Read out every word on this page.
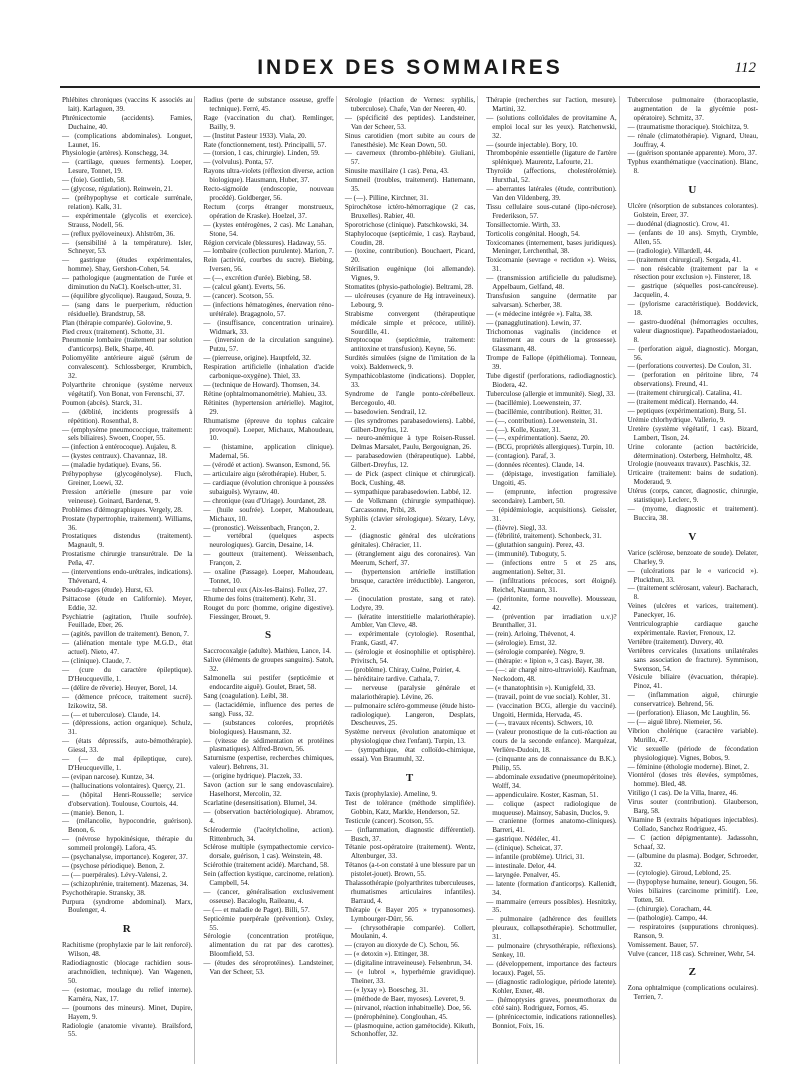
INDEX DES SOMMAIRES	112

Phlébites chroniques (vaccins K associés au lait). Karlaguen, 39.

Phrénicectomie (accidents). Famies, Duchaine, 40.

— (complications abdominales). Longuet, Launet, 16.

Physiologie (artères). Konschegg, 34.

— (cartilage, queues ferments). Loeper, Lesure, Tonnet, 19.

— (foie). Gottlieb, 58.

— (glycose, régulation). Reinwein, 21.

— (préhypophyse et corticale surrénale, relation). Kalk, 31.

— expérimentale (glycolis et exercice). Strauss, Nodell, 56.

— (reflux pyéloveineux). Ahlström, 36.

— (sensibilité à la température). Isler, Schneyer, 53.

— gastrique (études expérimentales, homme). Shay, Gershon-Cohen, 54.

— pathologique (augmentation de l'urée et diminution du NaCl). Koelsch-utter, 31.

— (équilibre glycolique). Raugaud, Souza, 9.

— (sang dans le puerperium, réduction résiduelle). Brandstrup, 58.

Plan (thérapie comparée). Golovine, 9.

Pied creux (traitement). Schotte, 31.

Pneumonie lombaire (traitement par solution d'anticorps). Belk, Sharpe, 40.

Poliomyélite antérieure aiguë (sérum de convalescent). Schlossberger, Krumbich, 32.

Polyarthrite chronique (système nerveux végétatif). Von Bonat, von Ferenschi, 37.

Poumon (abcès). Starck, 31.

— (déblité, incidents progressifs à répétition). Rosenthal, 8.

— (emphysème pneumococcique, traitement: sels biliaires). Swoen, Cooper, 55.

— (infection à entérocoque). Aujaleu, 8.

— (kystes centraux). Chavannaz, 18.

— (maladie hydatique). Evans, 56.

Préhypophyse (glycogénolyse). Fluch, Greiner, Loewi, 32.

Pression artérielle (mesure par voie veineuse). Goinard, Bardenat, 9.

Problèmes d'démographiques. Vergely, 28.

Prostate (hypertrophie, traitement). Williams, 36.

Prostatiques distendus (traitement). Magnault, 9.

Prostatisme chirurgie transurétrale. De la Peña, 47.

— (interventions endo-urétrales, indications). Thévenard, 4.

Pseudo-rages (étude). Hurst, 63.

Psittacose (étude en Californie). Meyer, Eddie, 32.

Psychiatrie (agitation, l'huile soufrée). Feuillade, Eber, 26.

— (agités, pavillon de traitement). Benon, 7.

— (aliénation mentale type M.G.D., état actuel). Nieto, 47.

— (clinique). Claude, 7.

— (cure du caractère épileptique). D'Heucqueville, 1.

— (délire de rêverie). Heuyer, Borel, 14.

— (démence précoce, traitement sucré). Izikowitz, 58.

— (— et tuberculose). Claude, 14.

— (dépressions, action organique). Schulz, 31.

— (états dépressifs, auto-bémothérapie). Giessl, 33.

— (— de mal épileptique, cure). D'Heucqueville, 1.

— (evipan narcose). Kuntze, 34.

— (hallucinations volontaires). Querçy, 21.

— (hôpital Henri-Rousselle; service d'observation). Toulouse, Courtois, 44.

— (manie). Benon, 1.

— (mélancolie, hypocondrie, guérison). Benon, 6.

— (névrose hypokinésique, thérapie du sommeil prolongé). Lafora, 45.

— (psychanalyse, importance). Kogerer, 37.

— (psychose périodique). Benon, 2.

— (— puerpérales). Lévy-Valensi, 2.

— (schizophrénie, traitement). Mazenas, 34.

Psychothérapie. Stransky, 38.

Purpura (syndrome abdominal). Marx, Boulenger, 4.

R

Rachitisme (prophylaxie par le lait renforcé). Wilson, 48.

Radiodiagnostic (blocage rachidien sous-arachnoïdien, technique). Van Wagenen, 50.

— (estomac, moulage du relief interne). Karnéra, Nax, 17.

— (poumons des mineurs). Minet, Dupire, Hayem, 9.

Radiologie (anatomie vivante). Brailsford, 55.

Radius (perte de substance osseuse, greffe technique). Ferré, 45.

Rage (vaccination du chat). Remlinger, Bailly, 9.

— (Institut Pasteur 1933). Viala, 20.

Rate (fonctionnement, test). Principalli, 57.

— (torsion, 1 cas, chirurgie). Linden, 59.

— (volvulus). Ponta, 57.

Rayons ultra-violets (réflexion diverse, action biologique). Hausmann, Huber, 37.

Recto-sigmoïde (endoscopie, nouveau procédé). Goldberger, 56.

Rectum (corps étranger monstrueux, opération de Kraske). Hoelzel, 37.

— (kystes entérogènes, 2 cas). Mc Lanahan, Stone, 54.

Région cervicale (blessures). Hadaway, 55.

— lombaire (collection purulente). Marion, 7.

Rein (activité, courbes du sucre). Biebing, Iversen, 56.

— (—, excrétion d'urée). Biebing, 58.

— (calcul géant). Everts, 56.

— (cancer). Scotson, 55.

— (infections hématogènes, énervation réno-urétérale). Bragagnolo, 57.

— (insuffisance, concentration urinaire). Widmark, 33.

— (inversion de la circulation sanguine). Putzu, 57.

— (pierreuse, origine). Hauptfeld, 32.

Respiration artificielle (inhalation d'acide carbonique-oxygène). Thiel, 33.

— (technique de Howard). Thomsen, 34.

Rétine (ophtalmomanométrie). Mahieu, 33.

Rétinites (hypertension artérielle). Magitot, 29.

Rhumatisme (épreuve du tophus calcaire provoqué). Loeper, Michaux, Mahoudeau, 10.

— (histamine, application clinique). Madernal, 56.

— (vérodé et action). Swanson, Esmond, 56.

— articulaire aigu (sérothérapie). Huber, 5.

— cardiaque (évolution chronique à poussées subaiguës). Wyrauw, 40.

— chronique (eau d'Uriage). Jourdanet, 28.

— (huile soufrée). Loeper, Mahoudeau, Michaux, 10.

— (pronostic). Weissenbach, Françon, 2.

— vertébral (quelques aspects neurologiques). Garcin, Desaine, 14.

— goutteux (traitement). Weissenbach, Françon, 2.

— oxaline (Passage). Loeper, Mahoudeau, Tonnet, 10.

— tubercul eux (Aix-les-Bains). Follez, 27.

Rhume des foins (traitement). Kehr, 31.

Rouget du porc (homme, origine digestive). Fiessinger, Brouet, 9.

S

Saccrocoxalgie (adulte). Mathieu, Lance, 14.

Salive (éléments de groupes sanguins). Satoh, 32.

Salmonella sui pestifer (septicémie et endocardite aiguë). Goulet, Braet, 58.

Sang (coagulation). Leibl, 38.

— (lactacidémie, influence des pertes de sang). Fuss, 32.

— (substances colorées, propriétés biologiques). Hausmann, 32.

— (vitesse de sédimentation et protéines plasmatiques). Alfred-Brown, 56.

Saturnisme (expertise, recherches chimiques, valeur). Behrens, 31.

— (origine hydrique). Placzek, 33.

Savon (action sur le sang endovasculaire). Haselhorst, Mercolin, 32.

Scarlatine (desensitisation). Blumel, 34.

— (observation bactériologique). Abramov, 4.

Sclérodermie (l'acétylcholine, action). Rittenbruch, 34.

Sclérose multiple (sympathectomie cervico-dorsale, guérison, 1 cas). Weinstein, 48.

Sciérothie (traitement acidé). Marchand, 58.

Sein (affection kystique, carcinome, relation). Campbell, 54.

— (cancer, généralisation exclusivement osseuse). Bacaloglu, Raileanu, 4.

— (— et maladie de Paget). Billi, 57.

Septicémie puerpérale (prévention). Oxley, 55.

Sérologie (concentration protéique, alimentation du rat par des carottes). Bloomfield, 53.

— (études des séroprotéines). Landsteiner, Van der Scheer, 53.

Sérologie (réaction de Vernes: syphilis, tuberculose). Chafe, Van der Neeren, 40.

— (spécificité des peptides). Landsteiner, Van der Scheer, 53.

Sinus carotidien (mort subite au cours de l'anesthésie). Mc Kean Down, 50.

— caverneux (thrombo-phlébite). Giuliani, 57.

Sinusite maxillaire (1 cas). Pena, 43.

Sommeil (troubles, traitement). Hattemann, 35.

— (—). Pilline, Kirchner, 31.

Spirochétose ictéro-hémorragique (2 cas, Bruxelles). Rabier, 40.

Sporotrichose (clinique). Patschkowski, 34.

Staphylocoque (septicémie, 1 cas). Raybaud, Coudin, 28.

— (toxine, contribution). Bouchaert, Picard, 20.

Stérilisation eugénique (loi allemande). Vignes, 9.

Stomatites (physio-pathologie). Beltrami, 28.

— ulcéreuses (cyanure de Hg intraveineux). Lebourg, 9.

Strabisme convergent (thérapeutique médicale simple et précoce, utilité). Sourdille, 41.

Streptocoque (septicémie, traitement: antitoxine et transfusion). Keyne, 56.

Surdités simulées (signe de l'imitation de la voix). Baldenweck, 9.

Sympathicoblastome (indications). Doppler, 33.

Syndrome de l'angle ponto-cérébelleux. Bercegoulo, 40.

— basedowien. Sendrail, 12.

— (les syndromes parabasedowiens). Labbé, Gilbert-Dreyfus, 12.

— neuro-anémique à type Roisen-Russel. Delmas Marsalet, Paulu, Bergouignan, 26.

— parabasedowien (thérapeutique). Labbé, Gilbert-Dreyfus, 12.

— de Pick (aspect clinique et chirurgical). Bock, Cushing, 48.

— sympathique parabasedowien. Labbé, 12.

— de Volkmann (chirurgie sympathique). Carcassonne, Pribi, 28.

Syphilis (clavier sérologique). Sézary, Lévy, 2.

— (diagnostic général des ulcérations génitales). Chéracier, 11.

— (étranglement aigu des coronaires). Van Meerum, Scherf, 37.

— (hypertension artérielle instillation brusque, caractère irréductible). Langeron, 26.

— (inoculation prostate, sang et rate). Lodyre, 39.

— (kératite interstitielle malariothérapie). Ambler, Van Cleve, 48.

— expérimentale (cytologie). Rosenthal, Frank, Gastl, 47.

— (sérologie et éosinophilie et optisphère). Privitsch, 54.

— (problème). Chiray, Cuéne, Poirier, 4.

— héréditaire tardive. Cathala, 7.

— nerveuse (paralysie générale et malariothérapie). Lévine, 26.

— pulmonaire scléro-gommeuse (étude histo-radiologique). Langeron, Desplats, Descheuves, 25.

Système nerveux (évolution anatomique et physiologique chez l'enfant). Turpin, 13.

— (sympathique, état colloïdo-chimique, essai). Von Braumuhl, 32.

T

Taxis (prophylaxie). Ameline, 9.

Test de tolérance (méthode simplifiée). Gobbin, Katz, Markle, Henderson, 52.

Testicule (cancer). Scotson, 55.

— (inflammation, diagnostic différentiel). Busch, 37.

Tétanie post-opératoire (traitement). Wentz, Altenburger, 33.

Tétanos (a-t-on constaté à une blessure par un pistolet-jouet). Brown, 55.

Thalassothérapie (polyarthrites tuberculeuses, rhumatismes articulaires infantiles). Barraud, 4.

Thérapie (« Bayer 205 » trypanosomes). Lymbourger-Dürr, 56.

— (chrysothérapie comparée). Collert, Moulanin, 4.

— (crayon au dioxyde de C). Schou, 56.

— (« detoxin »). Ettinger, 38.

— (digitaline intraveineuse). Felsenbrun, 34.

— (« lubrol », hyperhémie gravidique). Theiner, 33.

— (« lyxay »). Boescheg, 31.

— (méthode de Baer, myoses). Leveret, 9.

— (nirvanol, réaction inhabituelle). Doe, 56.

— (pnérophénine). Conglouhan, 45.

— (plasmoquine, action gamétocide). Kikuth, Schonhoffer, 32.

Thérapie (recherches sur l'action, mesure). Martini, 32.

— (solutions colloïdales de provitamine A, emploi local sur les yeux). Ratchenwski, 32.

— (sourde injectable). Bory, 10.

Thrombopénie essentielle (ligature de l'artère splénique). Maurentz, Lafourte, 21.

Thyroïde (affections, cholestérolémie). Hurxthal, 52.

— aberrantes latérales (étude, contribution). Van den Vildenberg, 39.

Tissu cellulaire sous-cutané (lipo-nécrose). Frederikson, 57.

Tonsillectomie. Wirth, 33.

Torticolis congénital. Hoogh, 54.

Toxicomanes (internement, bases juridiques). Meninger, Lerchenthal, 38.

Toxicomanie (sevrage « rectidon »). Weiss, 31.

— (transmission artificielle du paludisme). Appelbaum, Gelfand, 48.

Transfusion sanguine (dermatite par salvarsan). Scherber, 38.

— (« médecine intégrée »). Falta, 38.

— (panagglutination). Lewin, 37.

Trichomonas vaginalis (incidence et traitement au cours de la grossesse). Glassmann, 48.

Trompe de Fallope (épithélioma). Tonneau, 39.

Tube digestif (perforations, radiodiagnostic). Biodera, 42.

Tuberculose (allergie et immunité). Siegl, 33.

— (bacillémie). Loewenstein, 37.

— (bacillémie, contribution). Reitter, 31.

— (—, contribution). Loewenstein, 31.

— (—). Kolle, Kuster, 31.

— (—, expérimentation). Saenz, 20.

— (BCG, propriétés allergiques). Turpin, 10.

— (contagion). Paraf, 3.

— (données récentes). Claude, 14.

— (dépistage, investigation familiale). Ungoiti, 45.

— (emprunte, infection progressive secondaire). Lambert, 50.

— (épidémiologie, acquisitions). Geissler, 31.

— (fièvre). Siegl, 33.

— (fébrilité, traitement). Schonbeck, 31.

— (glutathion sanguin). Perez, 43.

— (immunité). Tuboguty, 5.

— (infections entre 5 et 25 ans, augmentation). Selter, 31.

— (infiltrations précoces, sort éloigné). Reichel, Naumann, 31.

— (péritonite, forme nouvelle). Mousseau, 42.

— (prévention par irradiation u.v.)? Brunthaller, 31.

— (rein). Arloing, Thévenot, 4.

— (sérologie). Ernst, 32.

— (sérologie comparée). Nègre, 9.

— (thérapie: « lipion », 3 cas). Bayer, 38.

— (—: air chargé nitro-ultraviolé). Kaufman, Neckodom, 48.

— (« thanatophtisin »). Kunigfeld, 33.

— (travail, point de vue social). Kohler, 31.

— (vaccination BCG, allergie du vacciné). Ungoiti, Hermida, Hervada, 45.

— (—, travaux récents). Schwers, 10.

— (valeur pronostique de la cuti-réaction au cours de la seconde enfance). Marquézat, Verlière-Dudoin, 18.

— (cinquante ans de connaissance du B.K.). Philip, 55.

— abdominale exsudative (pneumopéritoine). Wolff, 34.

— appendiculaire. Koster, Kasman, 51.

— colique (aspect radiologique de muqueuse). Mainsoy, Sabasin, Duclos, 9.

— cranienne (formes anatomo-cliniques). Barreri, 41.

— gastrique. Nédélec, 41.

— (clinique). Scheicat, 37.

— infantile (problème). Ulrici, 31.

— intestinale. Delor, 44.

— laryngée. Penalver, 45.

— latente (formation d'anticorps). Kallenidt, 34.

— mammaire (erreurs possibles). Hesnitzky, 35.

— pulmonaire (adhérence des feuillets pleuraux, collapsothérapie). Schottmuller, 31.

— pulmonaire (chrysothérapie, réflexions). Senkey, 10.

— (développement, importance des facteurs locaux). Pagel, 55.

— (diagnostic radiologique, période latente). Kohler, Exner, 48.

— (hémoptysies graves, pneumothorax du côté sain). Rodriguez, Fornos, 45.

— (phrénicectomie, indications rationnelles). Bonniot, Foix, 16.

Tuberculose pulmonaire (thoracoplastie, augmentation de la glycémie post-opératoire). Schmitz, 37.

— (traumatisme thoracique). Stoichitza, 9.

— rénale (climatothérapie). Vignard, Uteau, Jouffray, 4.

— (guérison spontanée apparente). Moro, 37.

Typhus exanthématique (vaccination). Blanc, 8.

U

Ulcère (résorption de substances colorantes). Golstein, Ereer, 37.

— duodénal (diagnostic). Crow, 41.

— (enfants de 10 ans). Smyth, Crymble, Allen, 55.

— (radiologie). Villardell, 44.

— (traitement chirurgical). Sergada, 41.

— non résécable (traitement par la « résection pour exclusion »). Finsterer, 18.

— gastrique (séquelles post-cancéreuse). Jacquelin, 4.

— (pylorisme caractéristique). Boddevick, 18.

— gastro-duodénal (hémorragies occultes, valeur diagnostique). Papatheodostaeiadou, 8.

— (perforation aiguë, diagnostic). Morgan, 56.

— (perforations couvertes). De Coulon, 31.

— (perforation en péritoine libre, 74 observations). Freund, 41.

— (traitement chirurgical). Catalina, 41.

— (traitement médical). Hernando, 44.

— peptiques (expérimentation). Burg, 51.

Urémie chlorhydrique. Vallerio, 9.

Uretère (système végétatif, 1 cas). Bizard, Lambert, Tison, 24.

Urine colorante (action bactéricide, détermination). Osterberg, Helmholtz, 48.

Urologie (nouveaux travaux). Paschkis, 32.

Urticaire (traitement: bains de sudation). Moderaud, 9.

Utérus (corps, cancer, diagnostic, chirurgie, statistique). Leclerc, 9.

— (myome, diagnostic et traitement). Buccira, 38.

V

Varice (sclérose, benzoate de soude). Delater, Charley, 9.

— (ulcérations par le « varicocid »). Pluckthun, 33.

— (traitement sclérosant, valeur). Bacharach, 8.

Veines (ulcères et varices, traitement). Paneckyer, 16.

Ventriculographie cardiaque gauche expérimentale. Ravier, Frenoux, 12.

Vertèbre (traitement). Duvery, 40.

Vertèbres cervicales (luxations unilatérales sans association de fracture). Symmison, Swenson, 54.

Vésicule biliaire (évacuation, thérapie). Pinoz, 41.

— (inflammation aiguë, chirurgie conservatrice). Behrend, 56.

— (perforation). Eliason, Mc Laughlin, 56.

— (— aiguë libre). Niemeier, 56.

Vibrion cholérique (caractère variable). Murillo, 47.

Vic sexuelle (période de fécondation physiologique). Vignes, Bobos, 9.

— féminine (éthologie moderne). Binet, 2.

Viontérol (doses très élevées, symptômes, homme). Bled, 48.

Vitiligo (1 cas). De la Villa, Inarez, 46.

Virus souter (contribution). Glauberson, Barg, 58.

Vitamine B (extraits hépatiques injectables). Collado, Sanchez Rodriguez, 45.

— C (action dépigmentante). Jadassohn, Schaaf, 32.

— (albumine du plasma). Bodger, Schroeder, 32.

— (cytologie). Giroud, Leblond, 25.

— (hypophyse humaine, teneur). Gougen, 56.

Voies biliaires (carcinome primitif). Lee, Totten, 50.

— (chirurgie). Coracham, 44.

— (pathologie). Campo, 44.

— respiratoires (suppurations chroniques). Ranson, 9.

Vomissement. Bauer, 57.

Vulve (cancer, 118 cas). Schreiner, Wehr, 54.

Z

Zona ophtalmique (complications oculaires). Terrien, 7.
